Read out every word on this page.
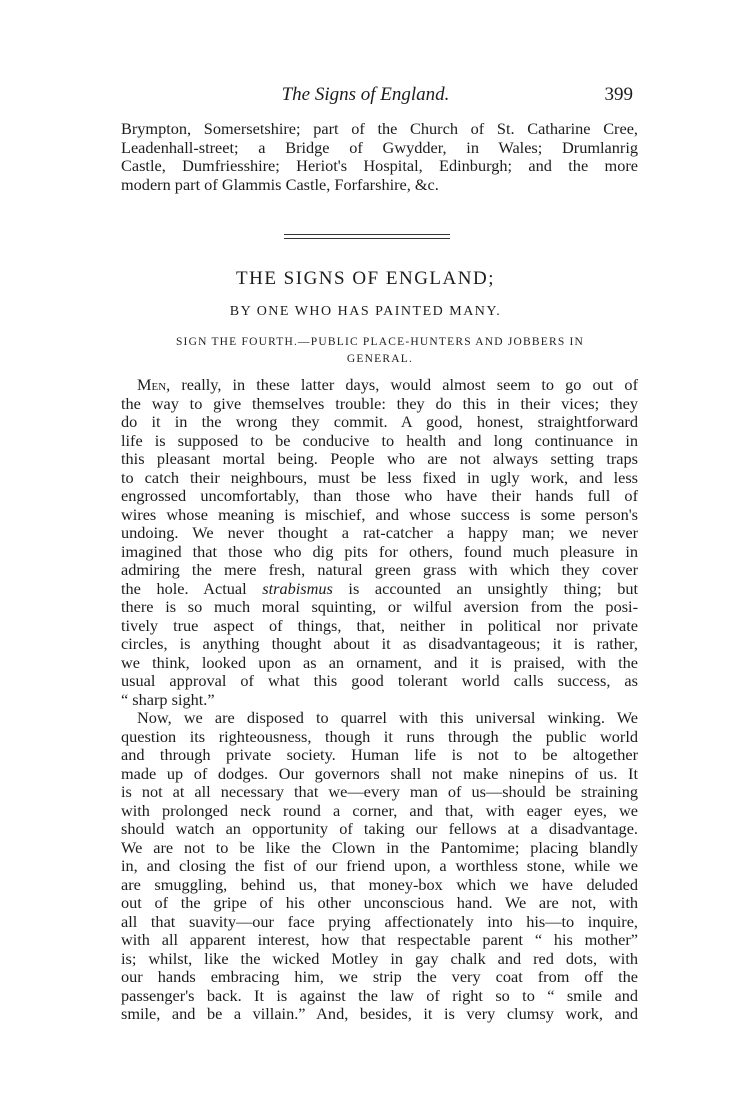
The Signs of England.	399
Brympton, Somersetshire; part of the Church of St. Catharine Cree,
Leadenhall-street; a Bridge of Gwydder, in Wales; Drumlanrig
Castle, Dumfriesshire; Heriot's Hospital, Edinburgh; and the more
modern part of Glammis Castle, Forfarshire, &c.
THE SIGNS OF ENGLAND;
BY ONE WHO HAS PAINTED MANY.
SIGN THE FOURTH.—PUBLIC PLACE-HUNTERS AND JOBBERS IN
GENERAL.
Men, really, in these latter days, would almost seem to go out of
the way to give themselves trouble: they do this in their vices; they
do it in the wrong they commit. A good, honest, straightforward
life is supposed to be conducive to health and long continuance in
this pleasant mortal being. People who are not always setting traps
to catch their neighbours, must be less fixed in ugly work, and less
engrossed uncomfortably, than those who have their hands full of
wires whose meaning is mischief, and whose success is some person's
undoing. We never thought a rat-catcher a happy man; we never
imagined that those who dig pits for others, found much pleasure in
admiring the mere fresh, natural green grass with which they cover
the hole. Actual strabismus is accounted an unsightly thing; but
there is so much moral squinting, or wilful aversion from the posi-
tively true aspect of things, that, neither in political nor private
circles, is anything thought about it as disadvantageous; it is rather,
we think, looked upon as an ornament, and it is praised, with the
usual approval of what this good tolerant world calls success, as
“ sharp sight.”
Now, we are disposed to quarrel with this universal winking. We
question its righteousness, though it runs through the public world
and through private society. Human life is not to be altogether
made up of dodges. Our governors shall not make ninepins of us. It
is not at all necessary that we—every man of us—should be straining
with prolonged neck round a corner, and that, with eager eyes, we
should watch an opportunity of taking our fellows at a disadvantage.
We are not to be like the Clown in the Pantomime; placing blandly
in, and closing the fist of our friend upon, a worthless stone, while we
are smuggling, behind us, that money-box which we have deluded
out of the gripe of his other unconscious hand. We are not, with
all that suavity—our face prying affectionately into his—to inquire,
with all apparent interest, how that respectable parent “ his mother”
is; whilst, like the wicked Motley in gay chalk and red dots, with
our hands embracing him, we strip the very coat from off the
passenger's back. It is against the law of right so to “ smile and
smile, and be a villain.” And, besides, it is very clumsy work, and
